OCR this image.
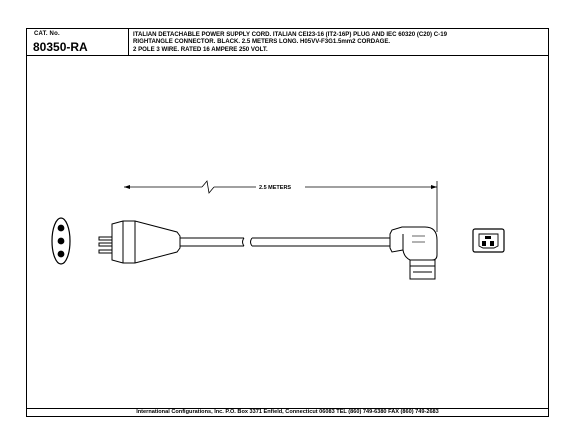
CAT. No.
80350-RA
ITALIAN DETACHABLE POWER SUPPLY CORD. ITALIAN CEI23-16 (IT2-16P) PLUG AND IEC 60320 (C20) C-19
RIGHTANGLE CONNECTOR. BLACK. 2.5 METERS LONG. H05VV-F3G1.5mm2 CORDAGE.
2 POLE 3 WIRE. RATED 16 AMPERE 250 VOLT.
International Configurations, Inc. P.O. Box 3371 Enfield, Connecticut 06083 TEL (860) 749-6380 FAX (860) 749-2683
2.5 METERS
